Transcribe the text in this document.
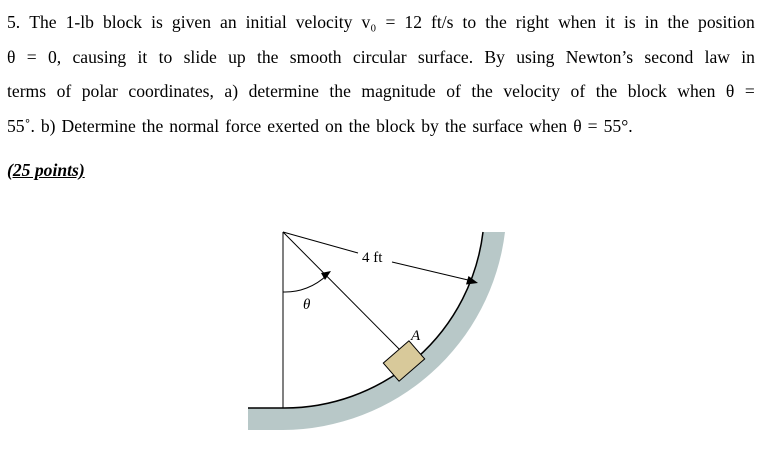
5. The 1-lb block is given an initial velocity v₀ = 12 ft/s to the right when it is in the position
θ = 0, causing it to slide up the smooth circular surface. By using Newton’s second law in
terms of polar coordinates, a) determine the magnitude of the velocity of the block when θ =
55˚. b) Determine the normal force exerted on the block by the surface when θ = 55°.
(25 points)
4 ft
θ
A
